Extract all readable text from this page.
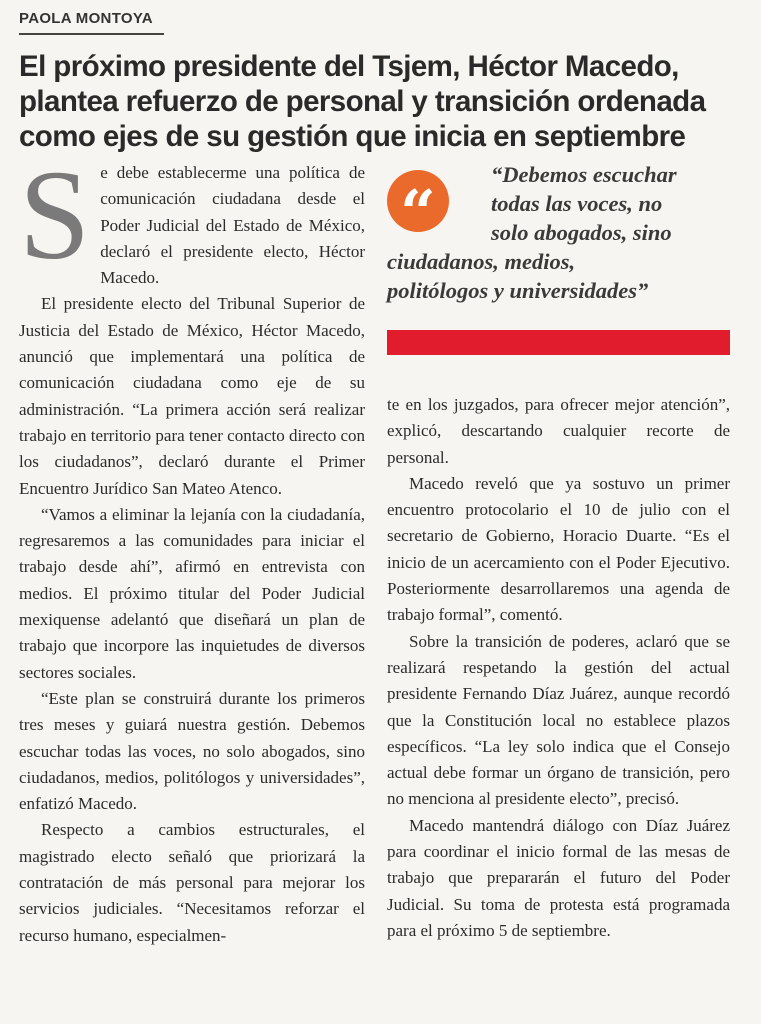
PAOLA MONTOYA
El próximo presidente del Tsjem, Héctor Macedo, plantea refuerzo de personal y transición ordenada como ejes de su gestión que inicia en septiembre
S e debe establecerme una política de comunicación ciudadana desde el Poder Judicial del Estado de México, declaró el presidente electo, Héctor Macedo.

El presidente electo del Tribunal Superior de Justicia del Estado de México, Héctor Macedo, anunció que implementará una política de comunicación ciudadana como eje de su administración. “La primera acción será realizar trabajo en territorio para tener contacto directo con los ciudadanos”, declaró durante el Primer Encuentro Jurídico San Mateo Atenco.

“Vamos a eliminar la lejanía con la ciudadanía, regresaremos a las comunidades para iniciar el trabajo desde ahí”, afirmó en entrevista con medios. El próximo titular del Poder Judicial mexiquense adelantó que diseñará un plan de trabajo que incorpore las inquietudes de diversos sectores sociales.

“Este plan se construirá durante los primeros tres meses y guiará nuestra gestión. Debemos escuchar todas las voces, no solo abogados, sino ciudadanos, medios, politólogos y universidades”, enfatizó Macedo.

Respecto a cambios estructurales, el magistrado electo señaló que priorizará la contratación de más personal para mejorar los servicios judiciales. “Necesitamos reforzar el recurso humano, especialmen-

“

“Debemos escuchar
todas las voces, no
solo abogados, sino
ciudadanos, medios,
politólogos y universidades”

te en los juzgados, para ofrecer mejor atención”, explicó, descartando cualquier recorte de personal.

Macedo reveló que ya sostuvo un primer encuentro protocolario el 10 de julio con el secretario de Gobierno, Horacio Duarte. “Es el inicio de un acercamiento con el Poder Ejecutivo. Posteriormente desarrollaremos una agenda de trabajo formal”, comentó.

Sobre la transición de poderes, aclaró que se realizará respetando la gestión del actual presidente Fernando Díaz Juárez, aunque recordó que la Constitución local no establece plazos específicos. “La ley solo indica que el Consejo actual debe formar un órgano de transición, pero no menciona al presidente electo”, precisó.

Macedo mantendrá diálogo con Díaz Juárez para coordinar el inicio formal de las mesas de trabajo que prepararán el futuro del Poder Judicial. Su toma de protesta está programada para el próximo 5 de septiembre.
